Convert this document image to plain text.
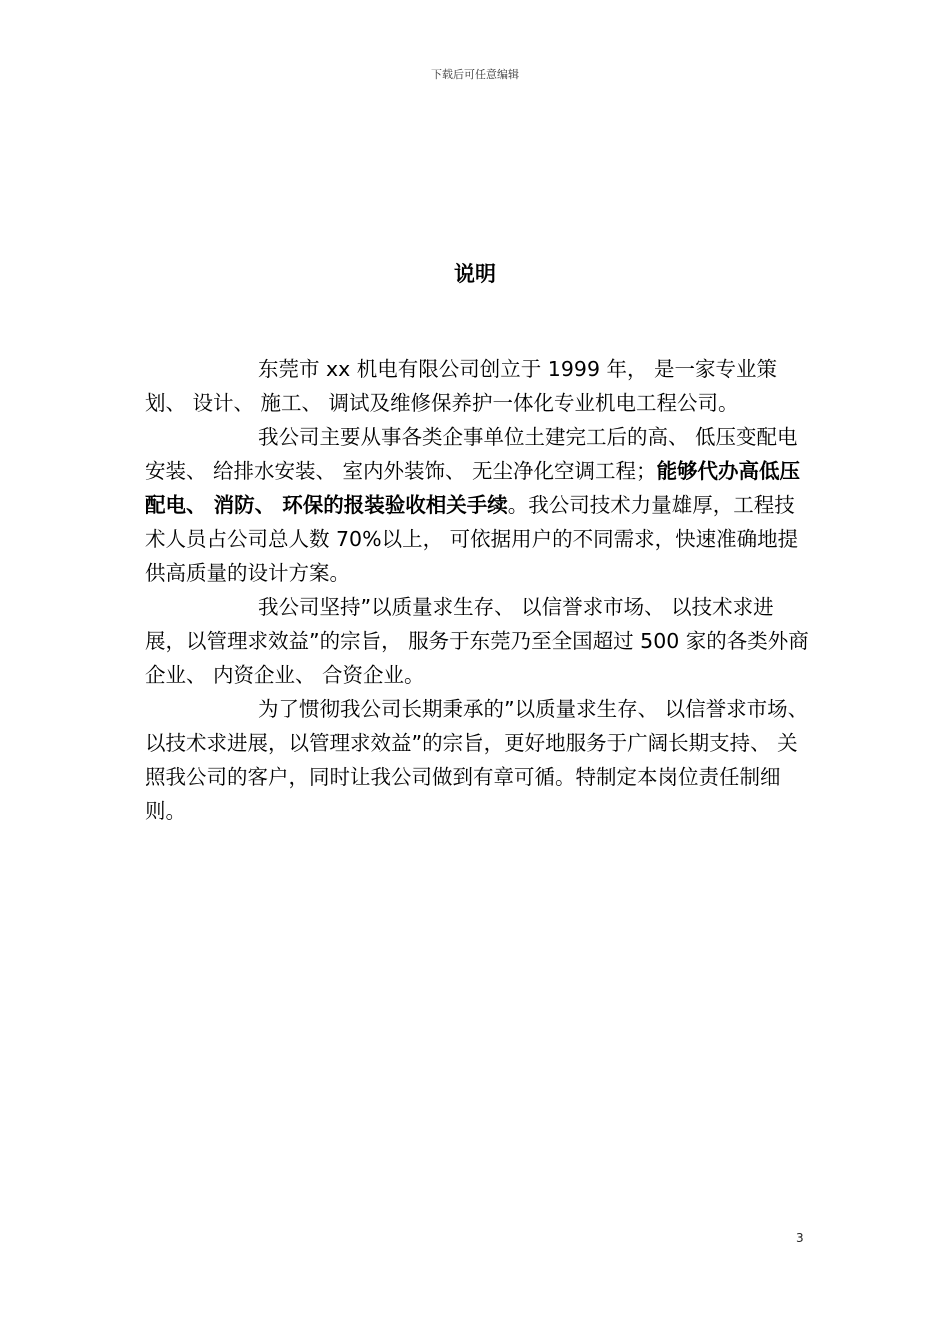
下载后可任意编辑
说明

东莞市 xx 机电有限公司创立于 1999 年， 是一家专业策划、 设计、 施工、 调试及维修保养护一体化专业机电工程公司。

我公司主要从事各类企事单位土建完工后的高、 低压变配电安装、 给排水安装、 室内外装饰、 无尘净化空调工程；能够代办高低压配电、 消防、 环保的报装验收相关手续。我公司技术力量雄厚，工程技术人员占公司总人数 70%以上， 可依据用户的不同需求，快速准确地提供高质量的设计方案。

我公司坚持”以质量求生存、 以信誉求市场、 以技术求进展，以管理求效益”的宗旨， 服务于东莞乃至全国超过 500 家的各类外商企业、 内资企业、 合资企业。

为了惯彻我公司长期秉承的”以质量求生存、 以信誉求市场、 以技术求进展，以管理求效益”的宗旨，更好地服务于广阔长期支持、 关照我公司的客户，同时让我公司做到有章可循。特制定本岗位责任制细则。

3
